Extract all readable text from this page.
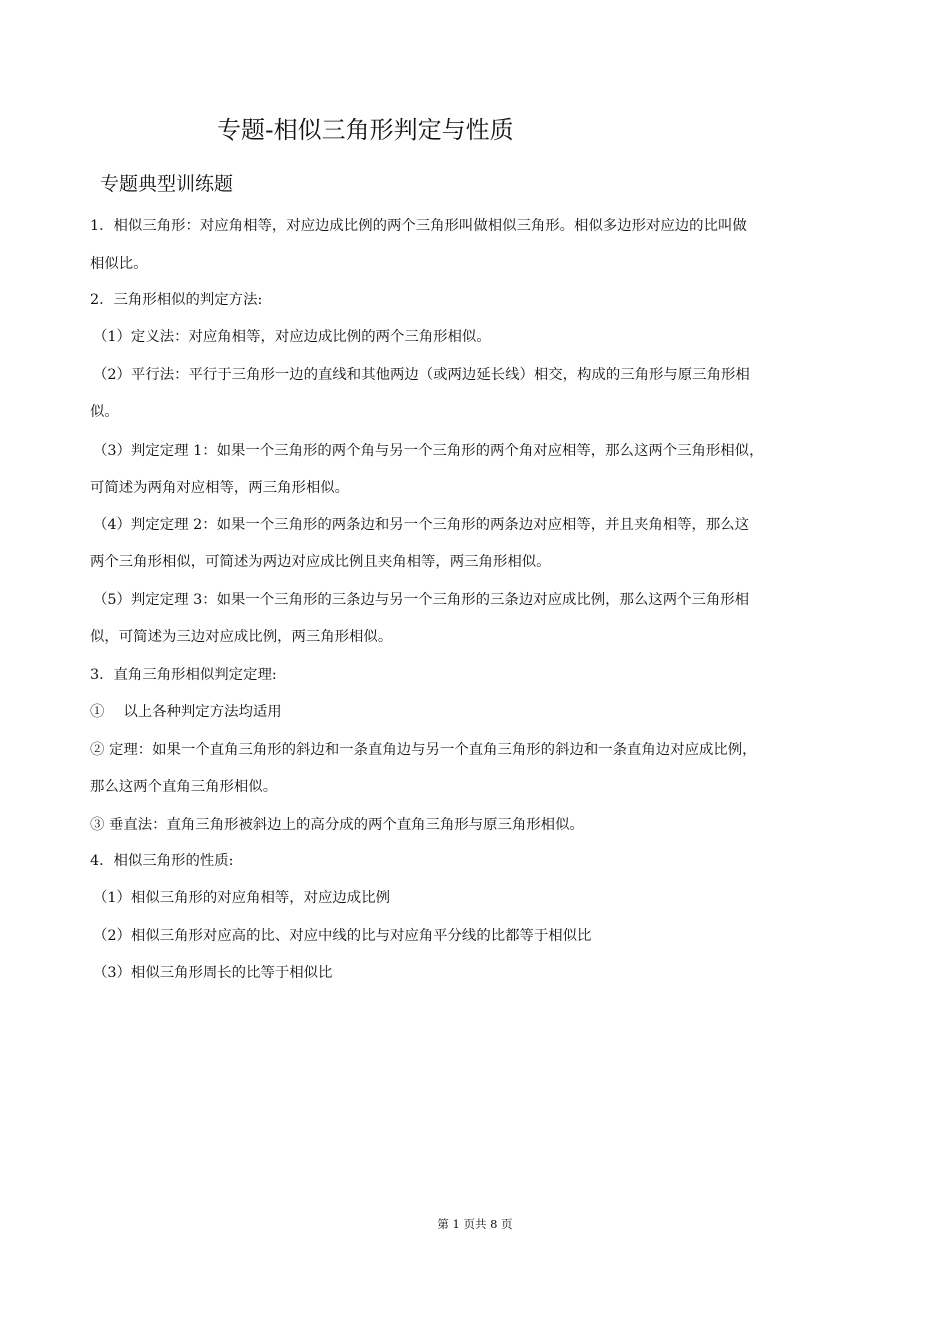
专题-相似三角形判定与性质
专题典型训练题
1．相似三角形：对应角相等，对应边成比例的两个三角形叫做相似三角形。相似多边形对应边的比叫做
相似比。
2．三角形相似的判定方法:
（1）定义法：对应角相等，对应边成比例的两个三角形相似。
（2）平行法：平行于三角形一边的直线和其他两边（或两边延长线）相交，构成的三角形与原三角形相
似。
（3）判定定理 1：如果一个三角形的两个角与另一个三角形的两个角对应相等，那么这两个三角形相似，
可简述为两角对应相等，两三角形相似。
（4）判定定理 2：如果一个三角形的两条边和另一个三角形的两条边对应相等，并且夹角相等，那么这
两个三角形相似，可简述为两边对应成比例且夹角相等，两三角形相似。
（5）判定定理 3：如果一个三角形的三条边与另一个三角形的三条边对应成比例，那么这两个三角形相
似，可简述为三边对应成比例，两三角形相似。
3．直角三角形相似判定定理:
①　 以上各种判定方法均适用
② 定理：如果一个直角三角形的斜边和一条直角边与另一个直角三角形的斜边和一条直角边对应成比例，
那么这两个直角三角形相似。
③ 垂直法：直角三角形被斜边上的高分成的两个直角三角形与原三角形相似。
4．相似三角形的性质:
（1）相似三角形的对应角相等，对应边成比例
（2）相似三角形对应高的比、对应中线的比与对应角平分线的比都等于相似比
（3）相似三角形周长的比等于相似比
第 1 页共 8 页
